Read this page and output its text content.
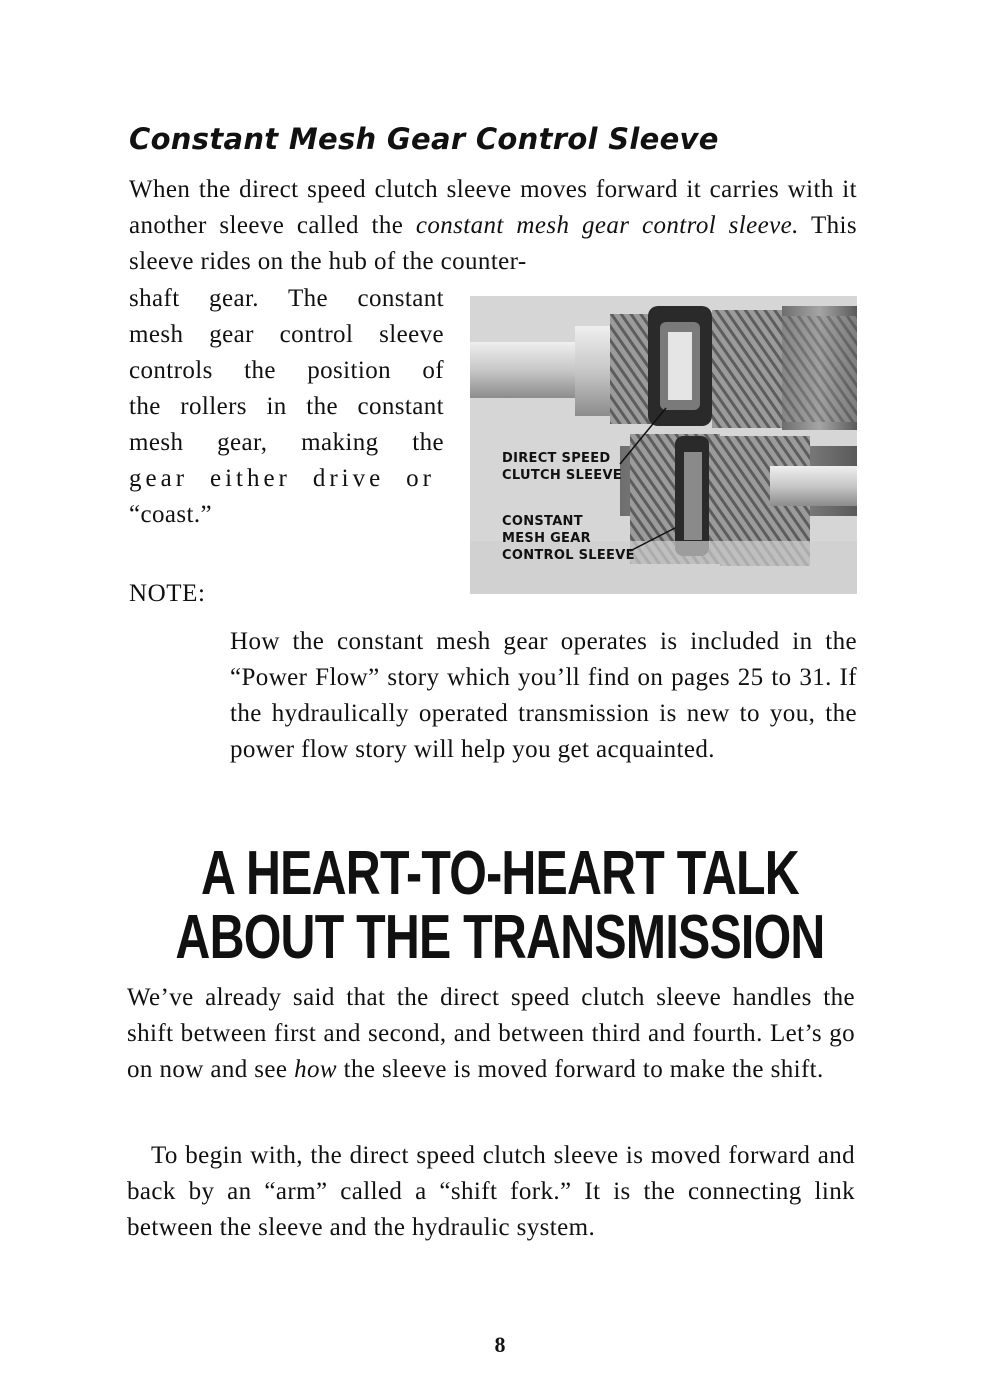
Constant Mesh Gear Control Sleeve
When the direct speed clutch sleeve moves forward it carries with it another sleeve called the constant mesh gear control sleeve. This sleeve rides on the hub of the counter-
shaft gear. The constant
mesh gear control sleeve
controls the position of
the rollers in the constant
mesh gear, making the
gear either drive or
“coast.”
DIRECT SPEED
CLUTCH SLEEVE
CONSTANT
MESH GEAR
CONTROL SLEEVE
NOTE:
How the constant mesh gear operates is included in the “Power Flow” story which you’ll find on pages 25 to 31. If the hydraulically operated transmission is new to you, the power flow story will help you get acquainted.
A HEART-TO-HEART TALK
ABOUT THE TRANSMISSION
We’ve already said that the direct speed clutch sleeve handles the shift between first and second, and between third and fourth. Let’s go on now and see how the sleeve is moved forward to make the shift.
To begin with, the direct speed clutch sleeve is moved forward and back by an “arm” called a “shift fork.” It is the connecting link between the sleeve and the hydraulic system.
8
